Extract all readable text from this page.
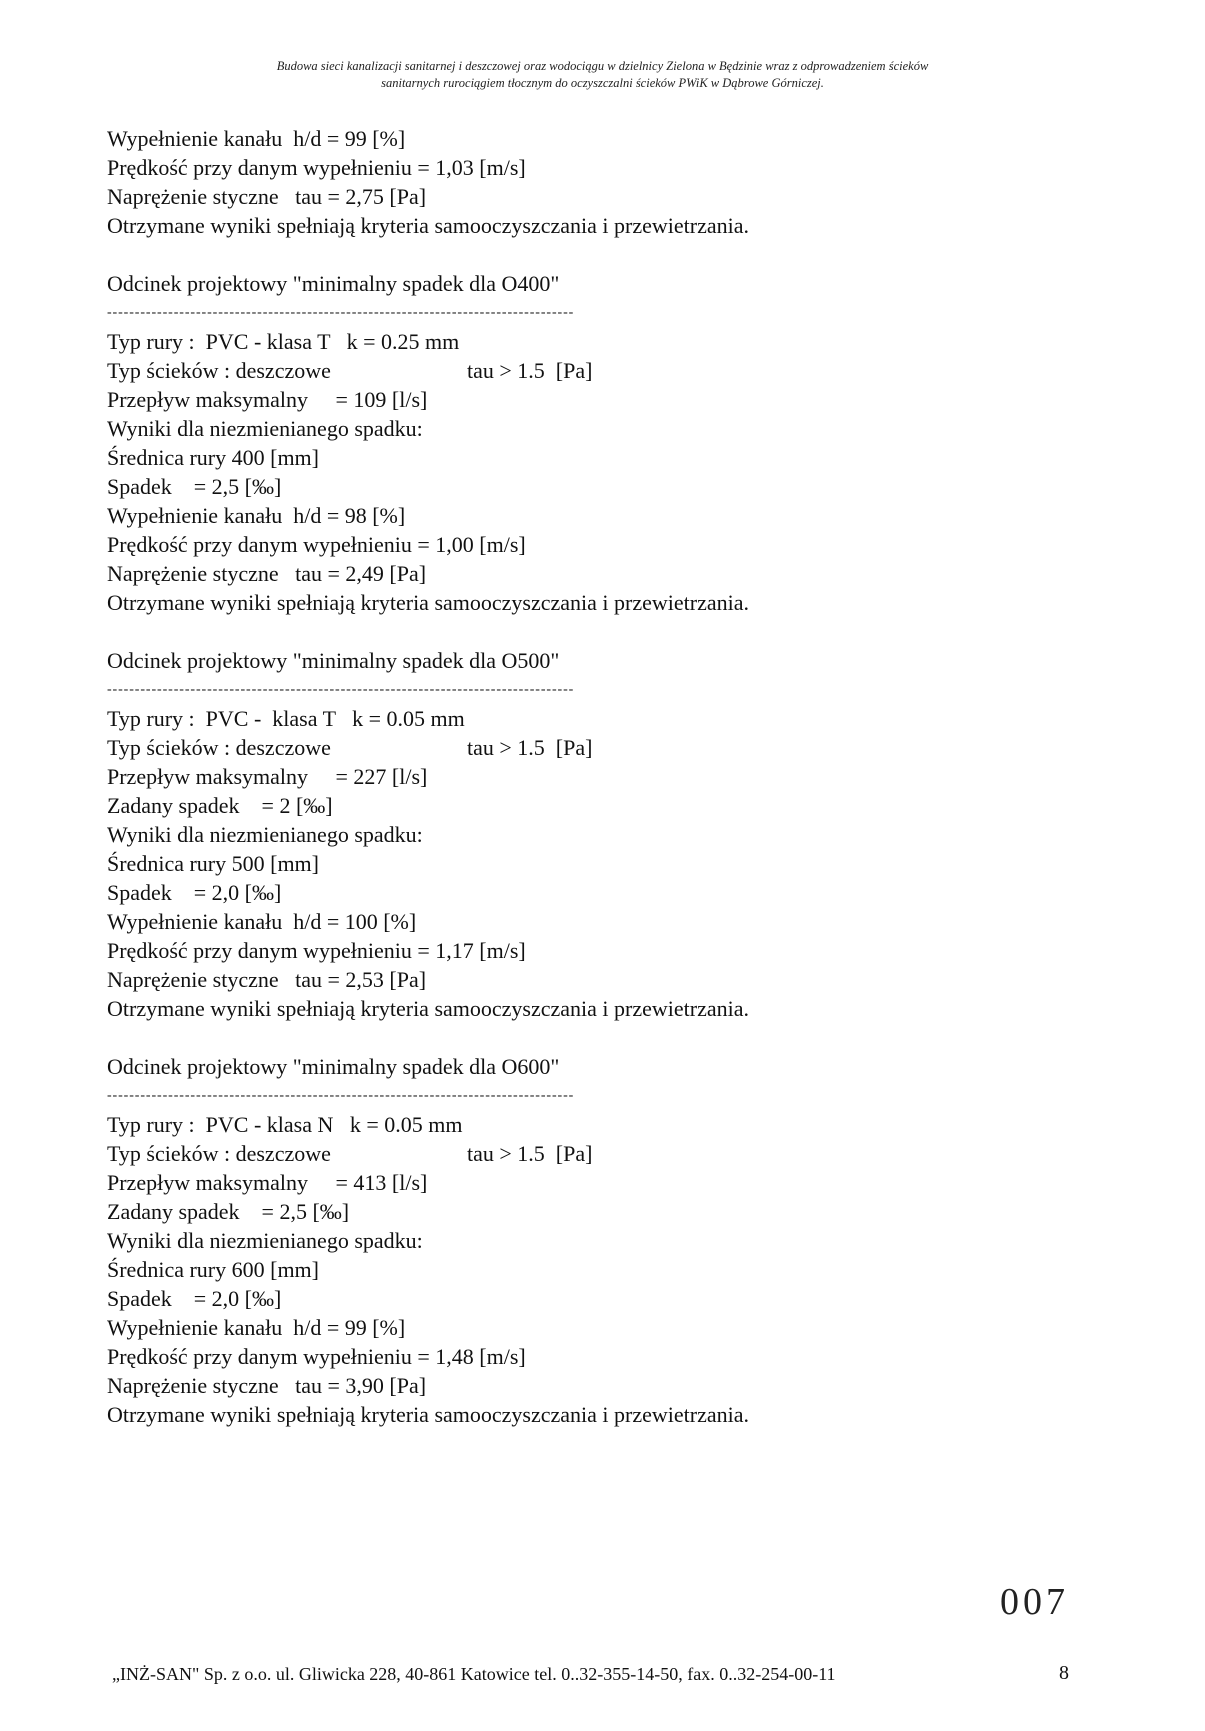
Budowa sieci kanalizacji sanitarnej i deszczowej oraz wodociągu w dzielnicy Zielona w Będzinie wraz z odprowadzeniem ścieków
sanitarnych rurociągiem tłocznym do oczyszczalni ścieków PWiK w Dąbrowe Górniczej.
Wypełnienie kanału  h/d = 99 [%]
Prędkość przy danym wypełnieniu = 1,03 [m/s]
Naprężenie styczne   tau = 2,75 [Pa]
Otrzymane wyniki spełniają kryteria samooczyszczania i przewietrzania.
Odcinek projektowy "minimalny spadek dla O400"
------------------------------------------------------------------------------------
Typ rury :  PVC - klasa T   k = 0.25 mm
Typ ścieków : deszczowe	tau > 1.5  [Pa]
Przepływ maksymalny     = 109 [l/s]
Wyniki dla niezmienianego spadku:
Średnica rury 400 [mm]
Spadek    = 2,5 [‰]
Wypełnienie kanału  h/d = 98 [%]
Prędkość przy danym wypełnieniu = 1,00 [m/s]
Naprężenie styczne   tau = 2,49 [Pa]
Otrzymane wyniki spełniają kryteria samooczyszczania i przewietrzania.
Odcinek projektowy "minimalny spadek dla O500"
------------------------------------------------------------------------------------
Typ rury :  PVC -  klasa T   k = 0.05 mm
Typ ścieków : deszczowe	tau > 1.5  [Pa]
Przepływ maksymalny     = 227 [l/s]
Zadany spadek    = 2 [‰]
Wyniki dla niezmienianego spadku:
Średnica rury 500 [mm]
Spadek    = 2,0 [‰]
Wypełnienie kanału  h/d = 100 [%]
Prędkość przy danym wypełnieniu = 1,17 [m/s]
Naprężenie styczne   tau = 2,53 [Pa]
Otrzymane wyniki spełniają kryteria samooczyszczania i przewietrzania.
Odcinek projektowy "minimalny spadek dla O600"
------------------------------------------------------------------------------------
Typ rury :  PVC - klasa N   k = 0.05 mm
Typ ścieków : deszczowe	tau > 1.5  [Pa]
Przepływ maksymalny     = 413 [l/s]
Zadany spadek    = 2,5 [‰]
Wyniki dla niezmienianego spadku:
Średnica rury 600 [mm]
Spadek    = 2,0 [‰]
Wypełnienie kanału  h/d = 99 [%]
Prędkość przy danym wypełnieniu = 1,48 [m/s]
Naprężenie styczne   tau = 3,90 [Pa]
Otrzymane wyniki spełniają kryteria samooczyszczania i przewietrzania.
007
„INŻ-SAN" Sp. z o.o. ul. Gliwicka 228, 40-861 Katowice tel. 0..32-355-14-50, fax. 0..32-254-00-11	8
